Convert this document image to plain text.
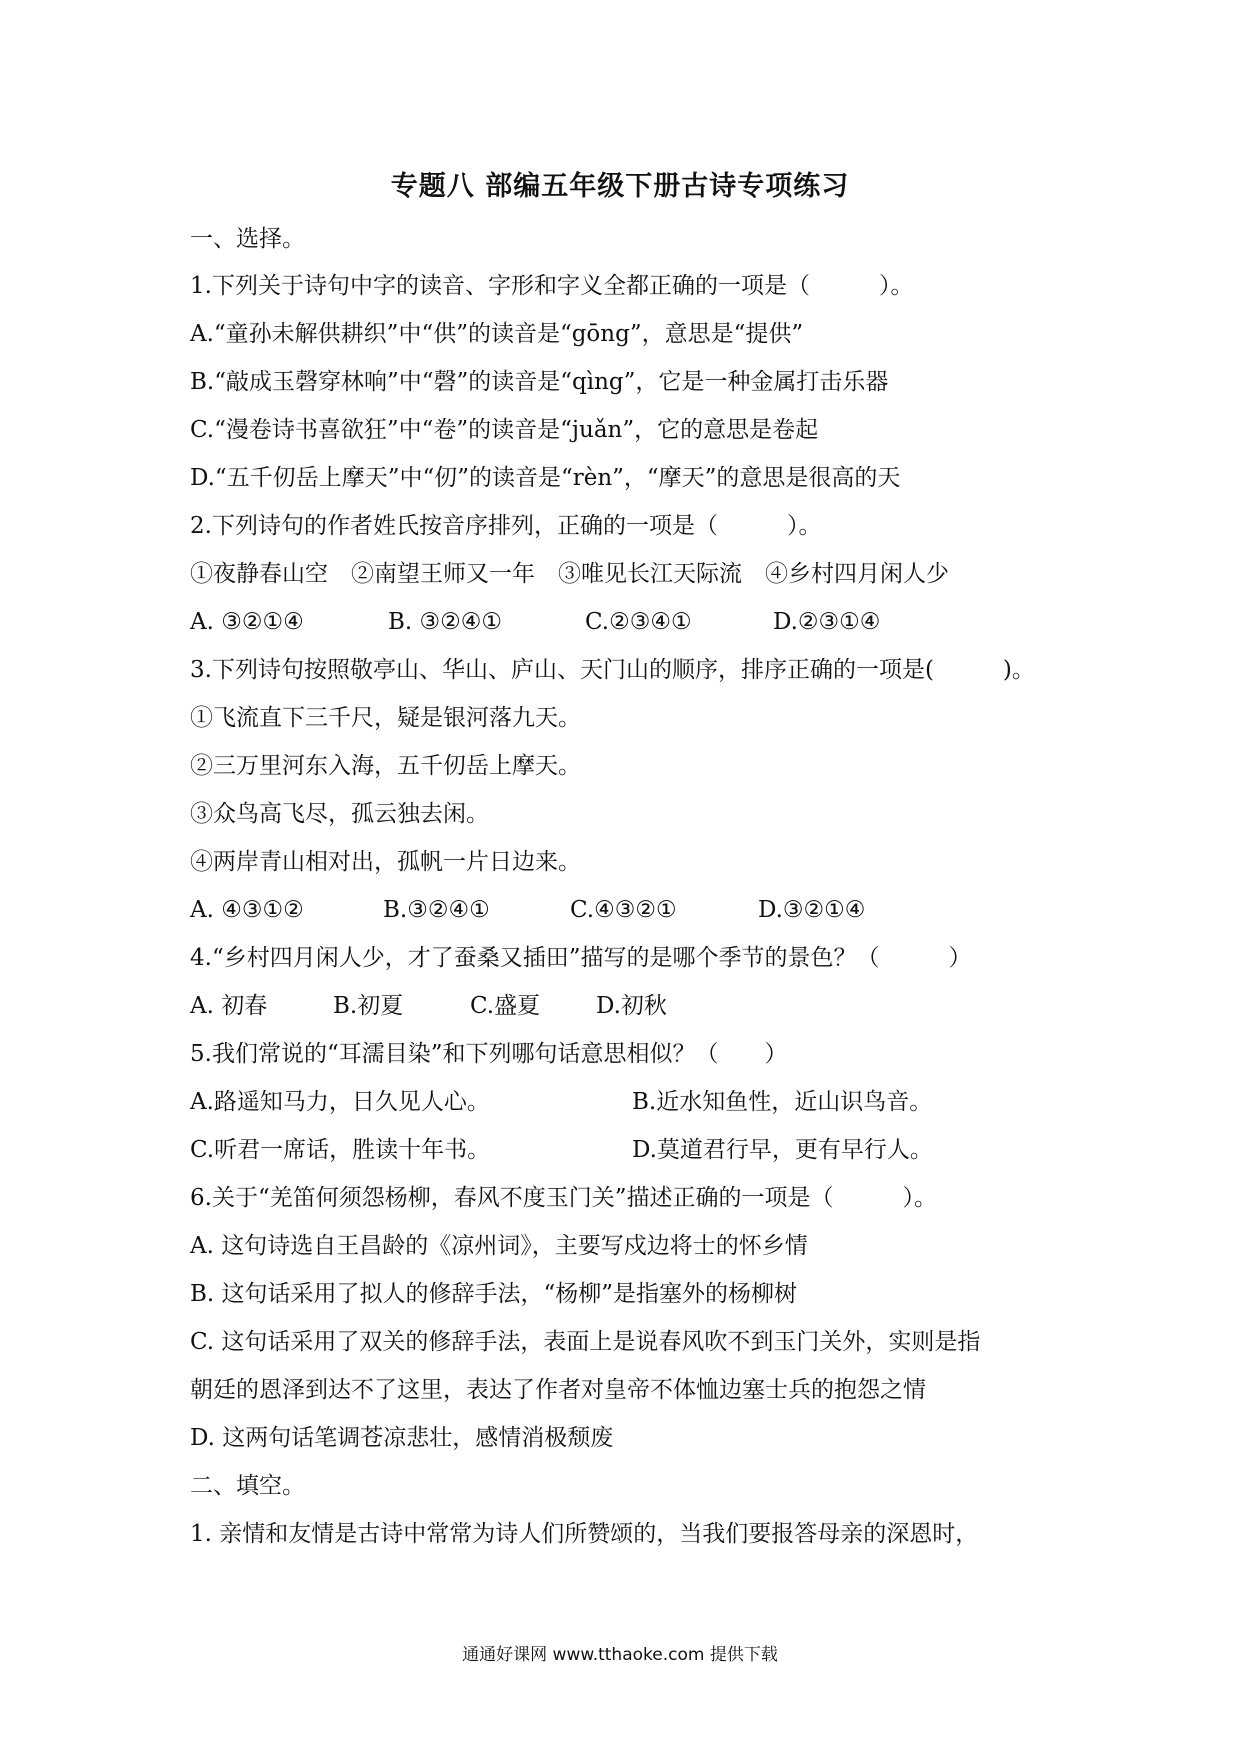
专题八 部编五年级下册古诗专项练习
一、选择。
1.下列关于诗句中字的读音、字形和字义全都正确的一项是（　　　）。
A.“童孙未解供耕织”中“供”的读音是“gōng”，意思是“提供”
B.“敲成玉磬穿林响”中“磬”的读音是“qìng”，它是一种金属打击乐器
C.“漫卷诗书喜欲狂”中“卷”的读音是“juǎn”，它的意思是卷起
D.“五千仞岳上摩天”中“仞”的读音是“rèn”，“摩天”的意思是很高的天
2.下列诗句的作者姓氏按音序排列，正确的一项是（　　　）。
①夜静春山空　②南望王师又一年　③唯见长江天际流　④乡村四月闲人少
A. ③②①④	B. ③②④①	C.②③④①	D.②③①④
3.下列诗句按照敬亭山、华山、庐山、天门山的顺序，排序正确的一项是(　　　)。
①飞流直下三千尺，疑是银河落九天。
②三万里河东入海，五千仞岳上摩天。
③众鸟高飞尽，孤云独去闲。
④两岸青山相对出，孤帆一片日边来。
A. ④③①②	B.③②④①	C.④③②①	D.③②①④
4.“乡村四月闲人少，才了蚕桑又插田”描写的是哪个季节的景色？（　　　）
A. 初春	B.初夏	C.盛夏 D.初秋
5.我们常说的“耳濡目染”和下列哪句话意思相似？（　　）
A.路遥知马力，日久见人心。	B.近水知鱼性，近山识鸟音。
C.听君一席话，胜读十年书。	D.莫道君行早，更有早行人。
6.关于“羌笛何须怨杨柳，春风不度玉门关”描述正确的一项是（　　　）。
A. 这句诗选自王昌龄的《凉州词》，主要写戍边将士的怀乡情
B. 这句话采用了拟人的修辞手法，“杨柳”是指塞外的杨柳树
C. 这句话采用了双关的修辞手法，表面上是说春风吹不到玉门关外，实则是指
朝廷的恩泽到达不了这里，表达了作者对皇帝不体恤边塞士兵的抱怨之情
D. 这两句话笔调苍凉悲壮，感情消极颓废
二、填空。
1. 亲情和友情是古诗中常常为诗人们所赞颂的，当我们要报答母亲的深恩时，
通通好课网 www.tthaoke.com 提供下载
